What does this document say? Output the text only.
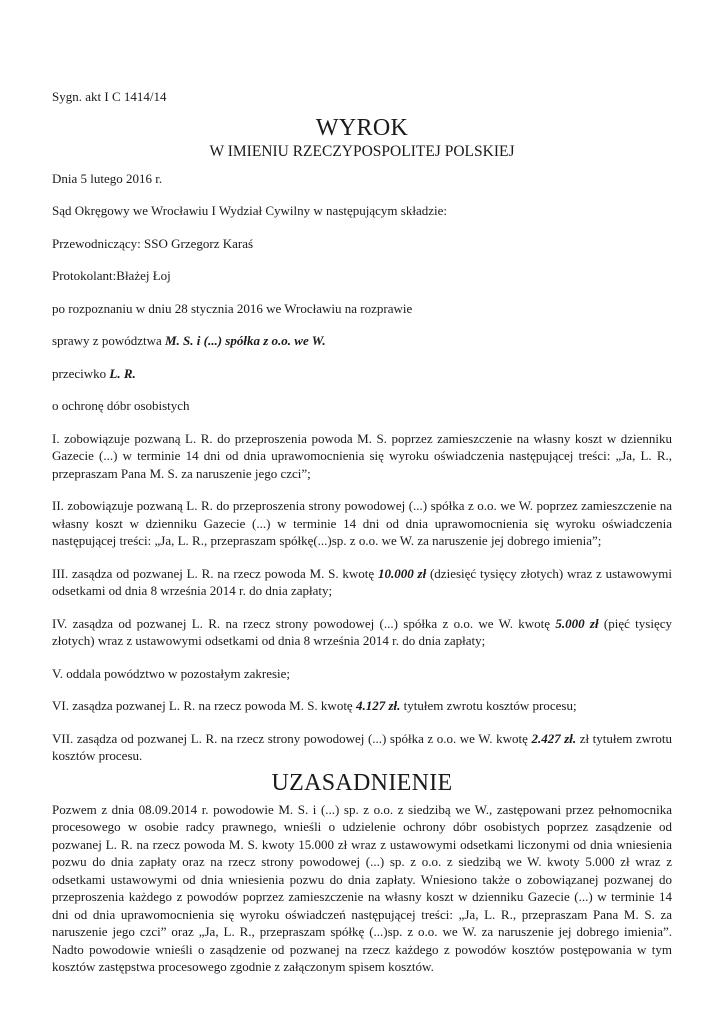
Sygn. akt I C 1414/14

WYROK

W IMIENIU RZECZYPOSPOLITEJ POLSKIEJ

Dnia 5 lutego 2016 r.

Sąd Okręgowy we Wrocławiu I Wydział Cywilny w następującym składzie:

Przewodniczący: SSO Grzegorz Karaś

Protokolant:Błażej Łoj

po rozpoznaniu w dniu 28 stycznia 2016 we Wrocławiu na rozprawie

sprawy z powództwa M. S. i (...) spółka z o.o. we W.

przeciwko L. R.

o ochronę dóbr osobistych

I. zobowiązuje pozwaną L. R. do przeproszenia powoda M. S. poprzez zamieszczenie na własny koszt w dzienniku Gazecie (...) w terminie 14 dni od dnia uprawomocnienia się wyroku oświadczenia następującej treści: „Ja, L. R., przepraszam Pana M. S. za naruszenie jego czci”;

II. zobowiązuje pozwaną L. R. do przeproszenia strony powodowej (...) spółka z o.o. we W. poprzez zamieszczenie na własny koszt w dzienniku Gazecie (...) w terminie 14 dni od dnia uprawomocnienia się wyroku oświadczenia następującej treści: „Ja, L. R., przepraszam spółkę(...)sp. z o.o. we W. za naruszenie jej dobrego imienia”;

III. zasądza od pozwanej L. R. na rzecz powoda M. S. kwotę 10.000 zł (dziesięć tysięcy złotych) wraz z ustawowymi odsetkami od dnia 8 września 2014 r. do dnia zapłaty;

IV. zasądza od pozwanej L. R. na rzecz strony powodowej (...) spółka z o.o. we W. kwotę 5.000 zł (pięć tysięcy złotych) wraz z ustawowymi odsetkami od dnia 8 września 2014 r. do dnia zapłaty;

V. oddala powództwo w pozostałym zakresie;

VI. zasądza pozwanej L. R. na rzecz powoda M. S. kwotę 4.127 zł. tytułem zwrotu kosztów procesu;

VII. zasądza od pozwanej L. R. na rzecz strony powodowej (...) spółka z o.o. we W. kwotę 2.427 zł. zł tytułem zwrotu kosztów procesu.

UZASADNIENIE

Pozwem z dnia 08.09.2014 r. powodowie M. S. i (...) sp. z o.o. z siedzibą we W., zastępowani przez pełnomocnika procesowego w osobie radcy prawnego, wnieśli o udzielenie ochrony dóbr osobistych poprzez zasądzenie od pozwanej L. R. na rzecz powoda M. S. kwoty 15.000 zł wraz z ustawowymi odsetkami liczonymi od dnia wniesienia pozwu do dnia zapłaty oraz na rzecz strony powodowej (...) sp. z o.o. z siedzibą we W. kwoty 5.000 zł wraz z odsetkami ustawowymi od dnia wniesienia pozwu do dnia zapłaty. Wniesiono także o zobowiązanej pozwanej do przeproszenia każdego z powodów poprzez zamieszczenie na własny koszt w dzienniku Gazecie (...) w terminie 14 dni od dnia uprawomocnienia się wyroku oświadczeń następującej treści: „Ja, L. R., przepraszam Pana M. S. za naruszenie jego czci” oraz „Ja, L. R., przepraszam spółkę (...)sp. z o.o. we W. za naruszenie jej dobrego imienia”. Nadto powodowie wnieśli o zasądzenie od pozwanej na rzecz każdego z powodów kosztów postępowania w tym kosztów zastępstwa procesowego zgodnie z załączonym spisem kosztów.
